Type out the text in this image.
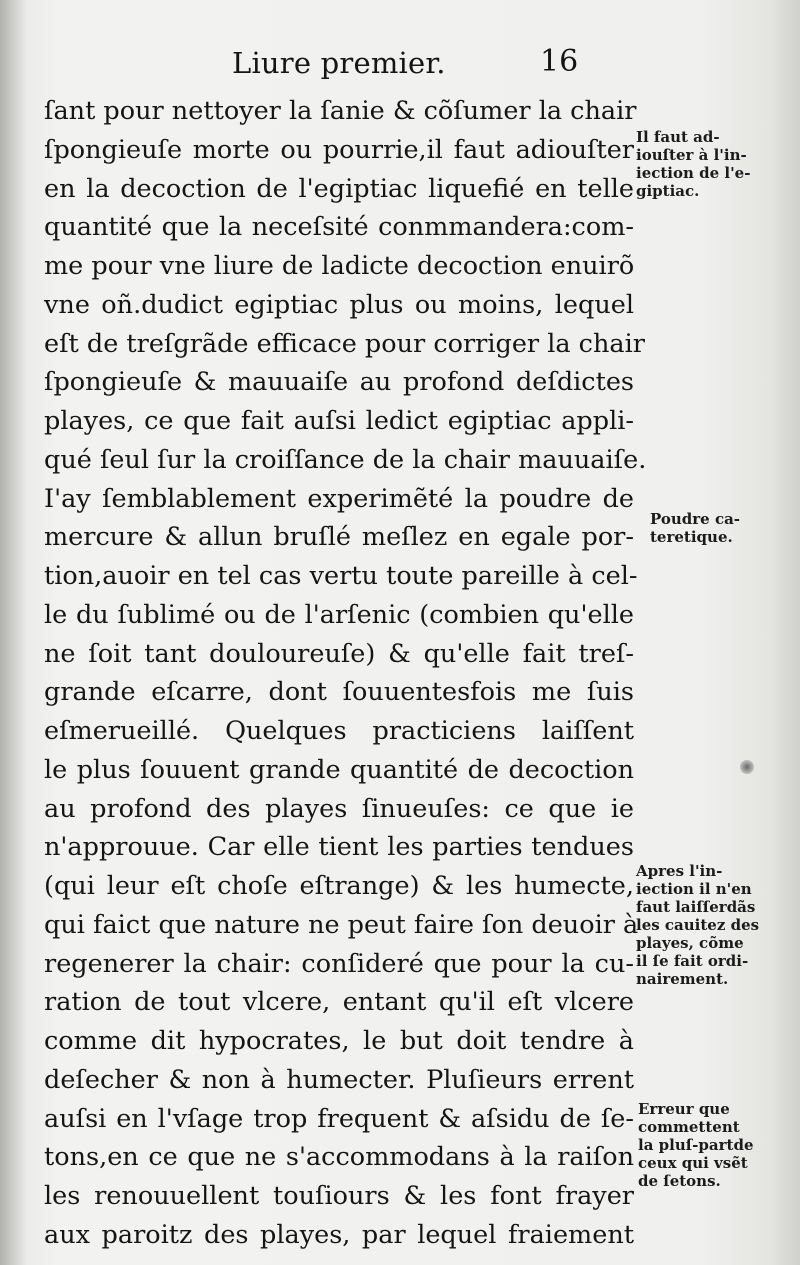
Liure premier.	16
ſant pour nettoyer la ſanie & cõſumer la chair
ſpongieuſe morte ou pourrie,il faut adiouſter
en la decoction de l'egiptiac liquefié en telle
quantité que la neceſsité conmmandera:com-
me pour vne liure de ladicte decoction enuirõ
vne oñ.dudict egiptiac plus ou moins, lequel
eſt de treſgrãde efficace pour corriger la chair
ſpongieuſe & mauuaiſe au profond deſdictes
playes, ce que fait auſsi ledict egiptiac appli-
qué ſeul ſur la croiſſance de la chair mauuaiſe.
I'ay ſemblablement experimẽté la poudre de
mercure & allun bruſlé meſlez en egale por-
tion,auoir en tel cas vertu toute pareille à cel-
le du ſublimé ou de l'arſenic (combien qu'elle
ne ſoit tant douloureuſe) & qu'elle fait treſ-
grande eſcarre, dont ſouuentesfois me ſuis
eſmerueillé. Quelques practiciens laiſſent
le plus ſouuent grande quantité de decoction
au profond des playes ſinueuſes: ce que ie
n'approuue. Car elle tient les parties tendues
(qui leur eſt choſe eſtrange) & les humecte,
qui faict que nature ne peut faire ſon deuoir à
regenerer la chair: conſideré que pour la cu-
ration de tout vlcere, entant qu'il eſt vlcere
comme dit hypocrates, le but doit tendre à
deſecher & non à humecter. Pluſieurs errent
auſsi en l'vſage trop frequent & aſsidu de ſe-
tons,en ce que ne s'accommodans à la raiſon
les renouuellent touſiours & les font frayer
aux paroitz des playes, par lequel fraiement
Il faut ad-
iouſter à l'in-
iection de l'e-
giptiac.
Poudre ca-
teretique.
Apres l'in-
iection il n'en
faut laiſſerdãs
les cauitez des
playes, cõme
il ſe fait ordi-
nairement.
Erreur que
commettent
la pluſ-partde
ceux qui vsẽt
de ſetons.
